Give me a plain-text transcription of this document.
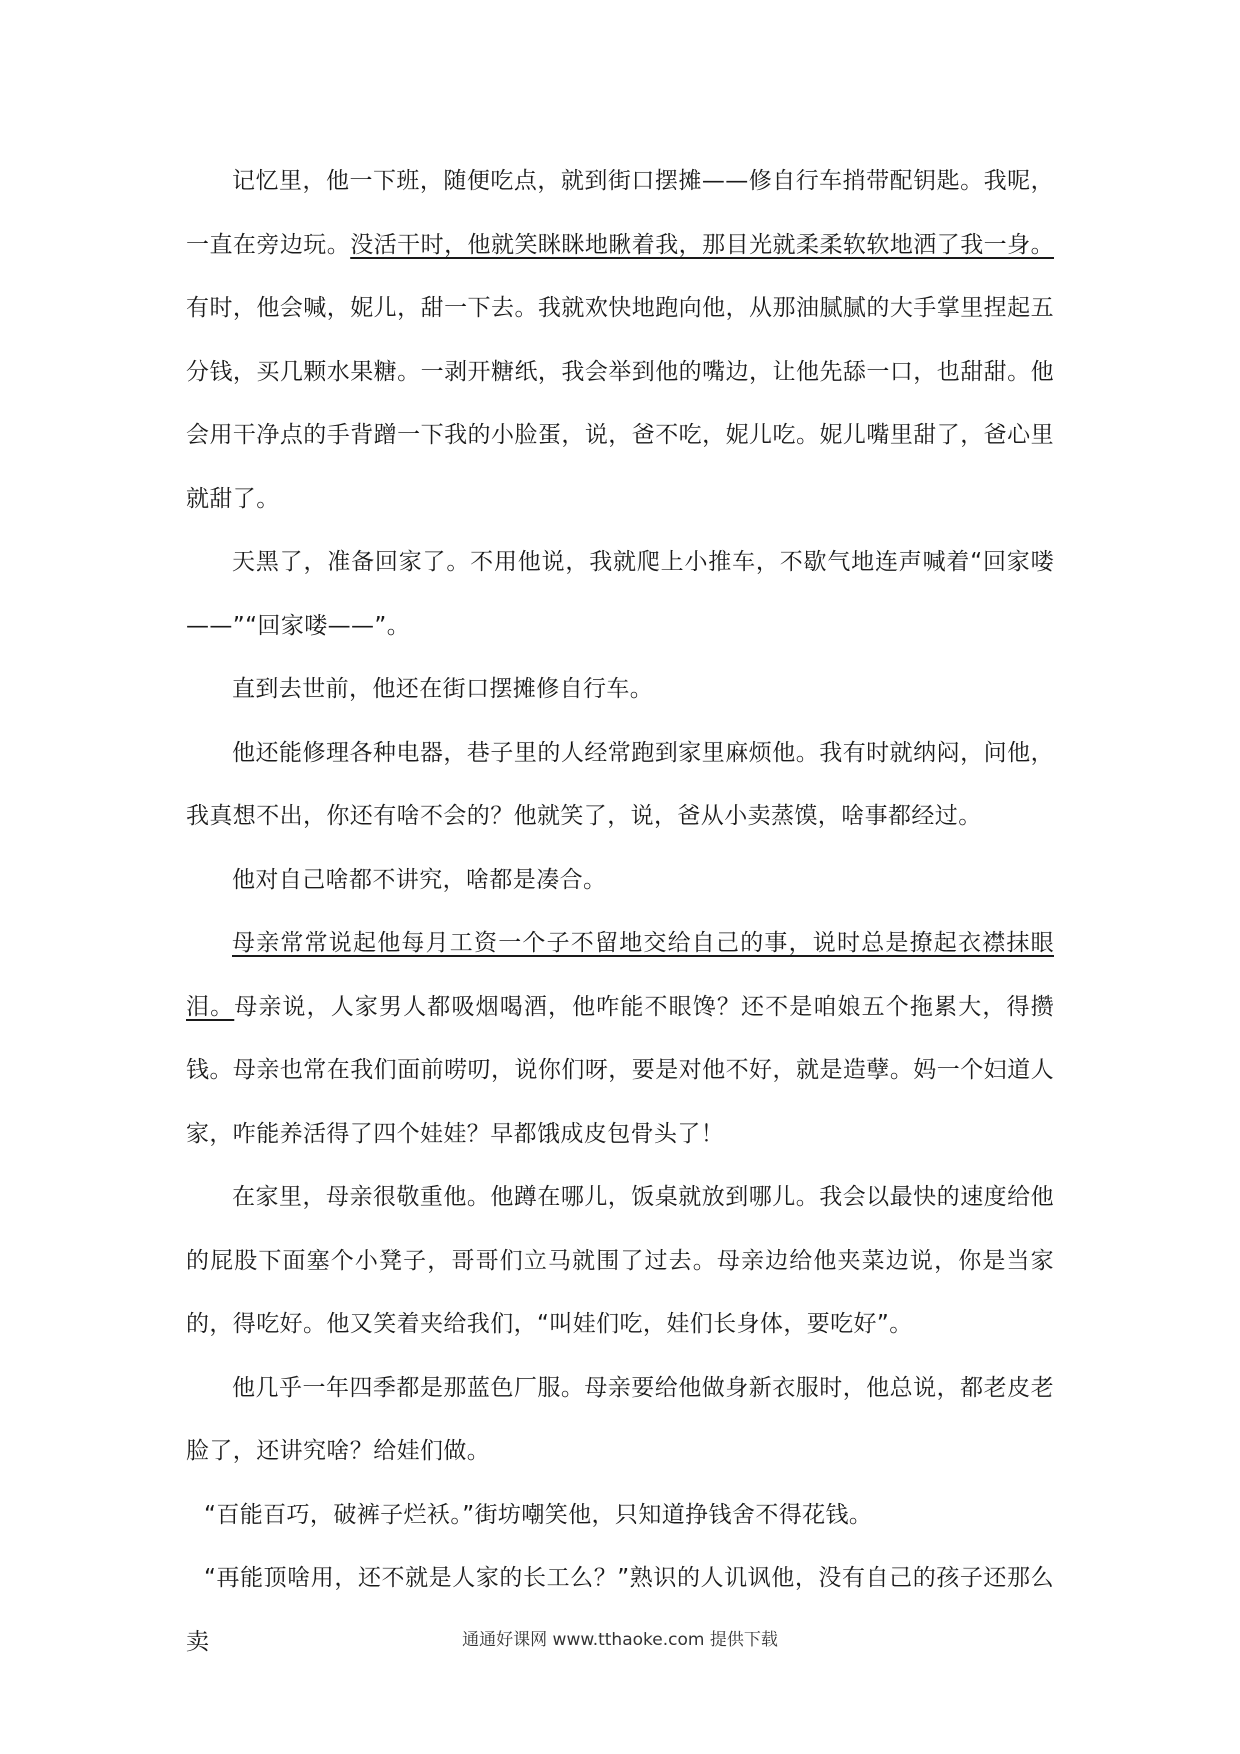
记忆里，他一下班，随便吃点，就到街口摆摊——修自行车捎带配钥匙。我呢，一直在旁边玩。没活干时，他就笑眯眯地瞅着我，那目光就柔柔软软地洒了我一身。有时，他会喊，妮儿，甜一下去。我就欢快地跑向他，从那油腻腻的大手掌里捏起五分钱，买几颗水果糖。一剥开糖纸，我会举到他的嘴边，让他先舔一口，也甜甜。他会用干净点的手背蹭一下我的小脸蛋，说，爸不吃，妮儿吃。妮儿嘴里甜了，爸心里就甜了。

天黑了，准备回家了。不用他说，我就爬上小推车，不歇气地连声喊着“回家喽——”“回家喽——”。

直到去世前，他还在街口摆摊修自行车。

他还能修理各种电器，巷子里的人经常跑到家里麻烦他。我有时就纳闷，问他，我真想不出，你还有啥不会的？他就笑了，说，爸从小卖蒸馍，啥事都经过。

他对自己啥都不讲究，啥都是凑合。

母亲常常说起他每月工资一个子不留地交给自己的事，说时总是撩起衣襟抹眼泪。母亲说，人家男人都吸烟喝酒，他咋能不眼馋？还不是咱娘五个拖累大，得攒钱。母亲也常在我们面前唠叨，说你们呀，要是对他不好，就是造孽。妈一个妇道人家，咋能养活得了四个娃娃？早都饿成皮包骨头了！

在家里，母亲很敬重他。他蹲在哪儿，饭桌就放到哪儿。我会以最快的速度给他的屁股下面塞个小凳子，哥哥们立马就围了过去。母亲边给他夹菜边说，你是当家的，得吃好。他又笑着夹给我们，“叫娃们吃，娃们长身体，要吃好”。

他几乎一年四季都是那蓝色厂服。母亲要给他做身新衣服时，他总说，都老皮老脸了，还讲究啥？给娃们做。

“百能百巧，破裤子烂袄。”街坊嘲笑他，只知道挣钱舍不得花钱。

“再能顶啥用，还不就是人家的长工么？”熟识的人讥讽他，没有自己的孩子还那么卖	通通好课网 www.tthaoke.com 提供下载
